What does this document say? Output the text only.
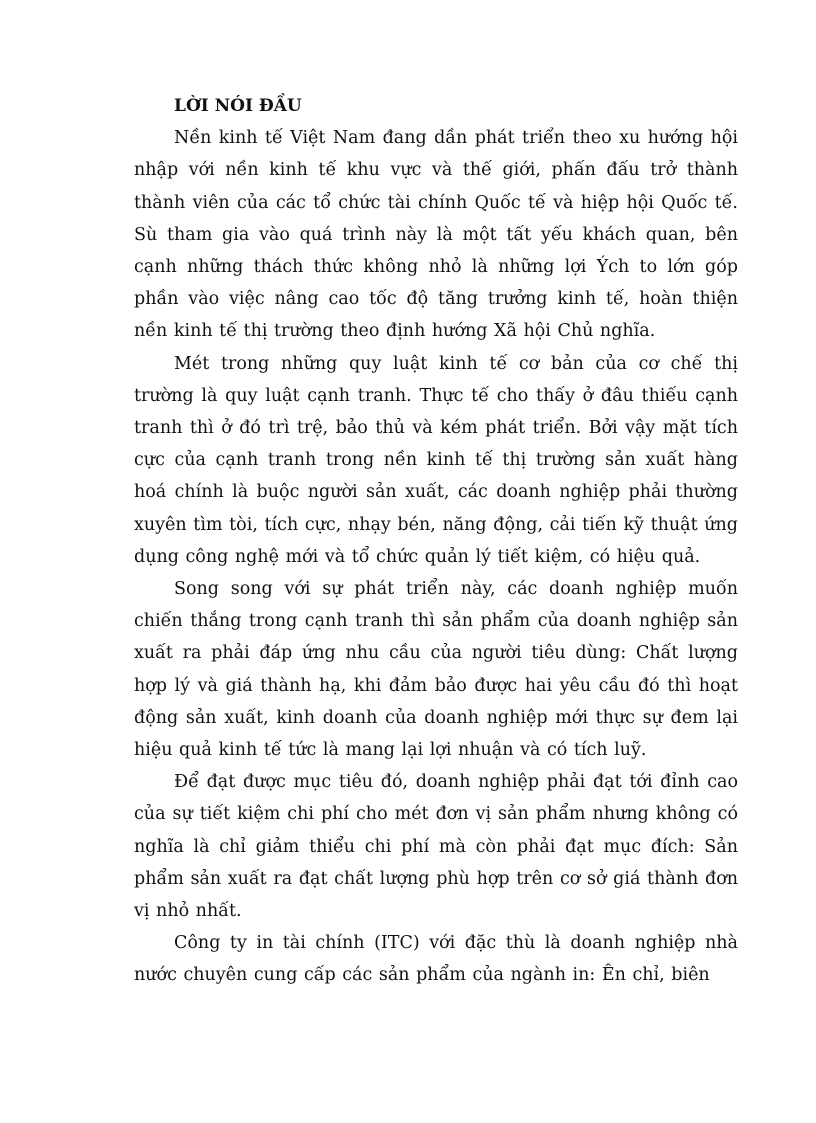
LỜI NÓI ĐẦU

Nền kinh tế Việt Nam đang dần phát triển theo xu hướng hội nhập với nền kinh tế khu vực và thế giới, phấn đấu trở thành thành viên của các tổ chức tài chính Quốc tế và hiệp hội Quốc tế. Sù tham gia vào quá trình này là một tất yếu khách quan, bên cạnh những thách thức không nhỏ là những lợi Ých to lớn góp phần vào việc nâng cao tốc độ tăng trưởng kinh tế, hoàn thiện nền kinh tế thị trường theo định hướng Xã hội Chủ nghĩa.

Mét trong những quy luật kinh tế cơ bản của cơ chế thị trường là quy luật cạnh tranh. Thực tế cho thấy ở đâu thiếu cạnh tranh thì ở đó trì trệ, bảo thủ và kém phát triển. Bởi vậy mặt tích cực của cạnh tranh trong nền kinh tế thị trường sản xuất hàng hoá chính là buộc người sản xuất, các doanh nghiệp phải thường xuyên tìm tòi, tích cực, nhạy bén, năng động, cải tiến kỹ thuật ứng dụng công nghệ mới và tổ chức quản lý tiết kiệm, có hiệu quả.

Song song với sự phát triển này, các doanh nghiệp muốn chiến thắng trong cạnh tranh thì sản phẩm của doanh nghiệp sản xuất ra phải đáp ứng nhu cầu của người tiêu dùng: Chất lượng hợp lý và giá thành hạ, khi đảm bảo được hai yêu cầu đó thì hoạt động sản xuất, kinh doanh của doanh nghiệp mới thực sự đem lại hiệu quả kinh tế tức là mang lại lợi nhuận và có tích luỹ.

Để đạt được mục tiêu đó, doanh nghiệp phải đạt tới đỉnh cao của sự tiết kiệm chi phí cho mét đơn vị sản phẩm nhưng không có nghĩa là chỉ giảm thiểu chi phí mà còn phải đạt mục đích: Sản phẩm sản xuất ra đạt chất lượng phù hợp trên cơ sở giá thành đơn vị nhỏ nhất.

Công ty in tài chính (ITC) với đặc thù là doanh nghiệp nhà nước chuyên cung cấp các sản phẩm của ngành in: Ên chỉ, biên
